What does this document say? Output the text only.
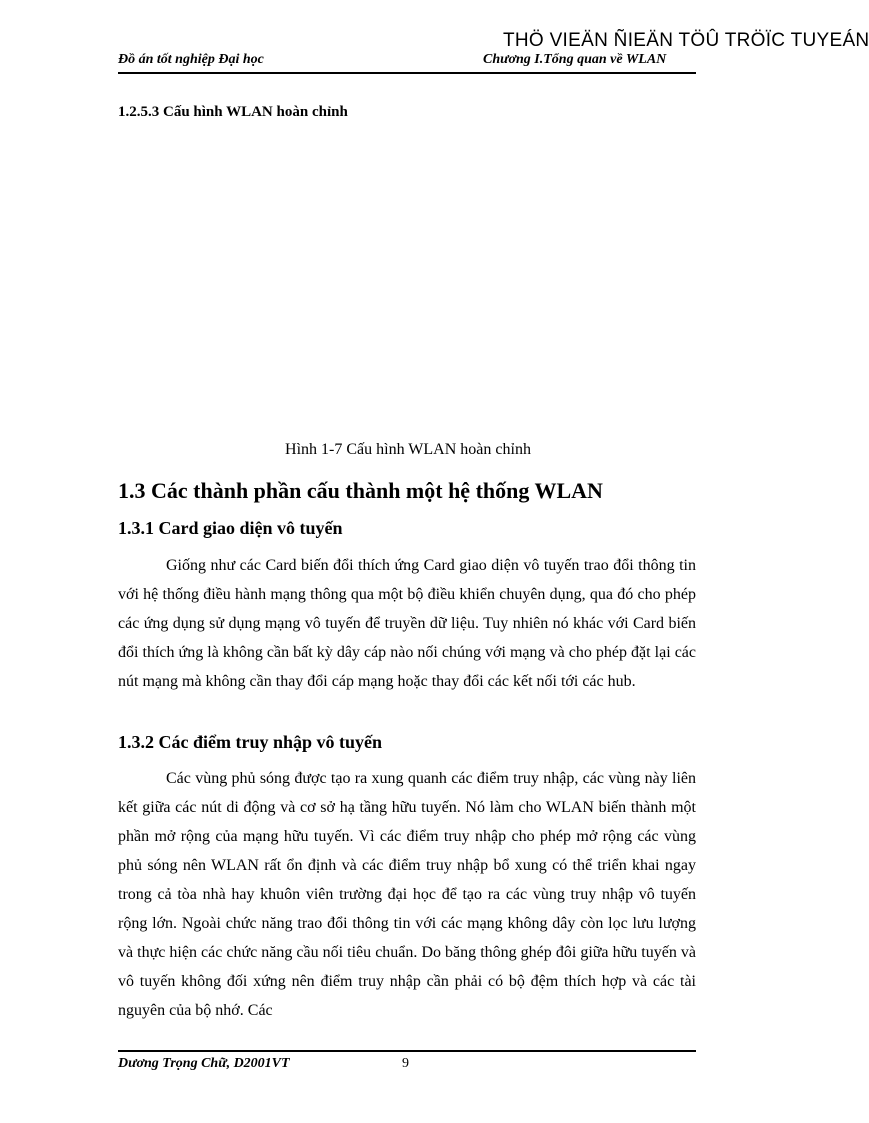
THÖ VIEÄN ÑIEÄN TÖÛ TRÖÏC TUYEÁN
Đồ án tốt nghiệp Đại học	Chương I.Tổng quan về WLAN
1.2.5.3 Cấu hình WLAN hoàn chỉnh
Hình 1-7 Cấu hình WLAN hoàn chỉnh
1.3 Các thành phần cấu thành một hệ thống WLAN
1.3.1 Card giao diện vô tuyến

Giống như các Card biến đổi thích ứng Card giao diện vô tuyến trao đổi thông tin với hệ thống điều hành mạng thông qua một bộ điều khiển chuyên dụng, qua đó cho phép các ứng dụng sử dụng mạng vô tuyến để truyền dữ liệu. Tuy nhiên nó khác với Card biến đổi thích ứng là không cần bất kỳ dây cáp nào nối chúng với mạng và cho phép đặt lại các nút mạng mà không cần thay đổi cáp mạng hoặc thay đổi các kết nối tới các hub.

1.3.2 Các điểm truy nhập vô tuyến

Các vùng phủ sóng được tạo ra xung quanh các điểm truy nhập, các vùng này liên kết giữa các nút di động và cơ sở hạ tầng hữu tuyến. Nó làm cho WLAN biến thành một phần mở rộng của mạng hữu tuyến. Vì các điểm truy nhập cho phép mở rộng các vùng phủ sóng nên WLAN rất ổn định và các điểm truy nhập bổ xung có thể triển khai ngay trong cả tòa nhà hay khuôn viên trường đại học để tạo ra các vùng truy nhập vô tuyến rộng lớn. Ngoài chức năng trao đổi thông tin với các mạng không dây còn lọc lưu lượng và thực hiện các chức năng cầu nối tiêu chuẩn. Do băng thông ghép đôi giữa hữu tuyến và vô tuyến không đối xứng nên điểm truy nhập cần phải có bộ đệm thích hợp và các tài nguyên của bộ nhớ. Các

Dương Trọng Chữ, D2001VT	9
